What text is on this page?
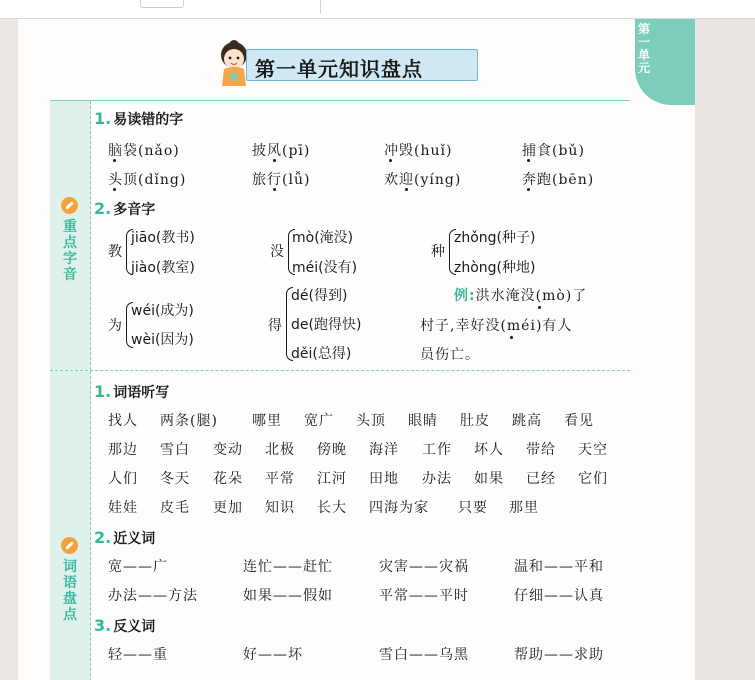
第
一
单
元
第一单元知识盘点
重
点
字
音
1. 易读错的字
脑袋(nǎo)	披风(pī)	冲毁(huǐ)	捕食(bǔ)
头顶(dǐng)	旅行(lǚ)	欢迎(yíng)	奔跑(bēn)
2. 多音字
教
jiāo(教书)
jiào(教室)
没
mò(淹没)
méi(没有)
种
zhǒng(种子)
zhòng(种地)
为
wéi(成为)
wèi(因为)
得
dé(得到)
de(跑得快)
děi(总得)
例:洪水淹没(mò)了
村子,幸好没(méi)有人
员伤亡。
词
语
盘
点
1. 词语听写
找人 两条(腿) 哪里 宽广 头顶 眼睛 肚皮 跳高 看见
那边 雪白 变动 北极 傍晚 海洋 工作 坏人 带给 天空
人们 冬天 花朵 平常 江河 田地 办法 如果 已经 它们
娃娃 皮毛 更加 知识 长大 四海为家 只要 那里
2. 近义词
宽——广	连忙——赶忙	灾害——灾祸	温和——平和
办法——方法	如果——假如	平常——平时	仔细——认真
3. 反义词
轻——重	好——坏	雪白——乌黑	帮助——求助
